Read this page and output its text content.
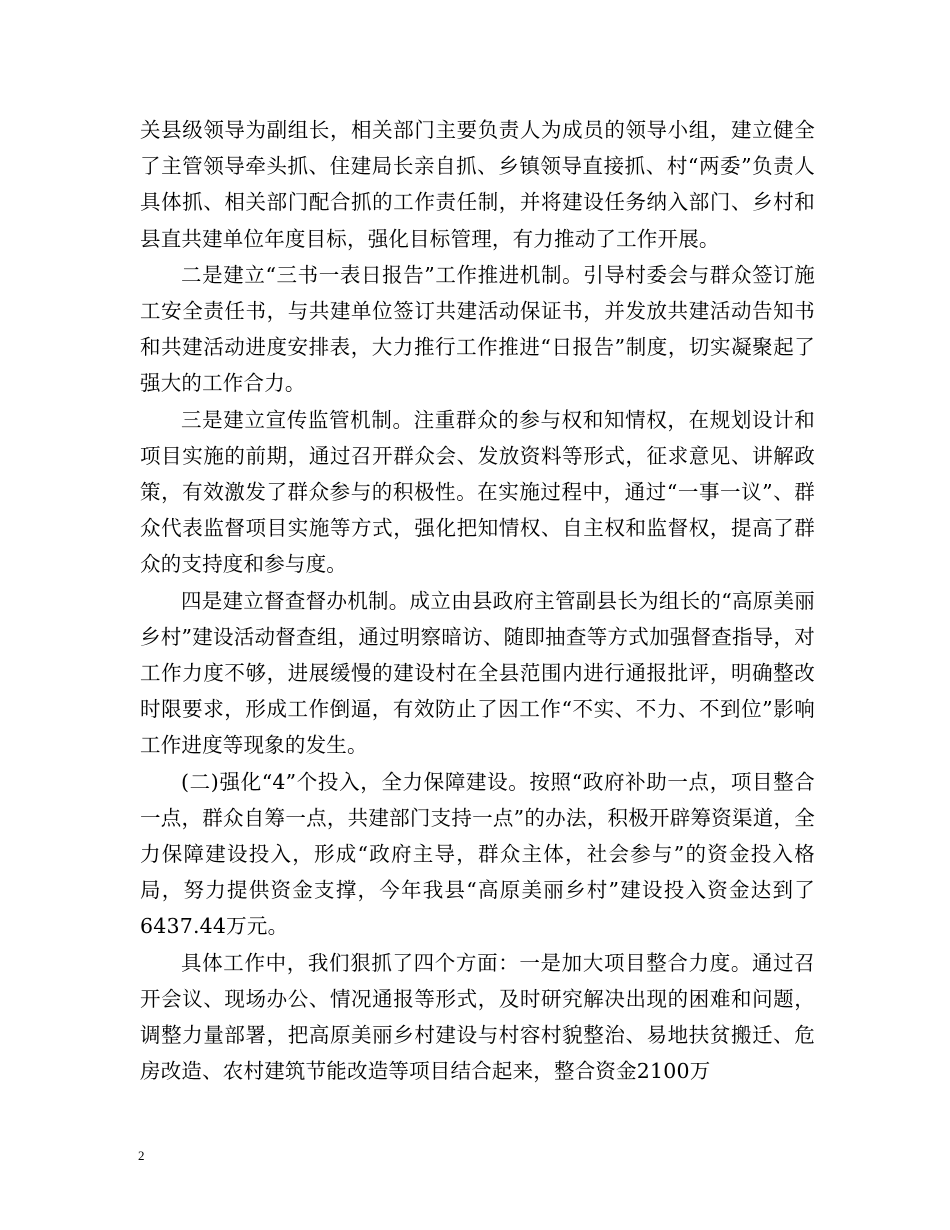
关县级领导为副组长，相关部门主要负责人为成员的领导小组，建立健全了主管领导牵头抓、住建局长亲自抓、乡镇领导直接抓、村“两委”负责人具体抓、相关部门配合抓的工作责任制，并将建设任务纳入部门、乡村和县直共建单位年度目标，强化目标管理，有力推动了工作开展。

二是建立“三书一表日报告”工作推进机制。引导村委会与群众签订施工安全责任书，与共建单位签订共建活动保证书，并发放共建活动告知书和共建活动进度安排表，大力推行工作推进“日报告”制度，切实凝聚起了强大的工作合力。

三是建立宣传监管机制。注重群众的参与权和知情权，在规划设计和项目实施的前期，通过召开群众会、发放资料等形式，征求意见、讲解政策，有效激发了群众参与的积极性。在实施过程中，通过“一事一议”、群众代表监督项目实施等方式，强化把知情权、自主权和监督权，提高了群众的支持度和参与度。

四是建立督查督办机制。成立由县政府主管副县长为组长的“高原美丽乡村”建设活动督查组，通过明察暗访、随即抽查等方式加强督查指导，对工作力度不够，进展缓慢的建设村在全县范围内进行通报批评，明确整改时限要求，形成工作倒逼，有效防止了因工作“不实、不力、不到位”影响工作进度等现象的发生。

(二)强化“4”个投入，全力保障建设。按照“政府补助一点，项目整合一点，群众自筹一点，共建部门支持一点”的办法，积极开辟筹资渠道，全力保障建设投入，形成“政府主导，群众主体，社会参与”的资金投入格局，努力提供资金支撑，今年我县“高原美丽乡村”建设投入资金达到了6437.44万元。

具体工作中，我们狠抓了四个方面：一是加大项目整合力度。通过召开会议、现场办公、情况通报等形式，及时研究解决出现的困难和问题，调整力量部署，把高原美丽乡村建设与村容村貌整治、易地扶贫搬迁、危房改造、农村建筑节能改造等项目结合起来，整合资金2100万

2
